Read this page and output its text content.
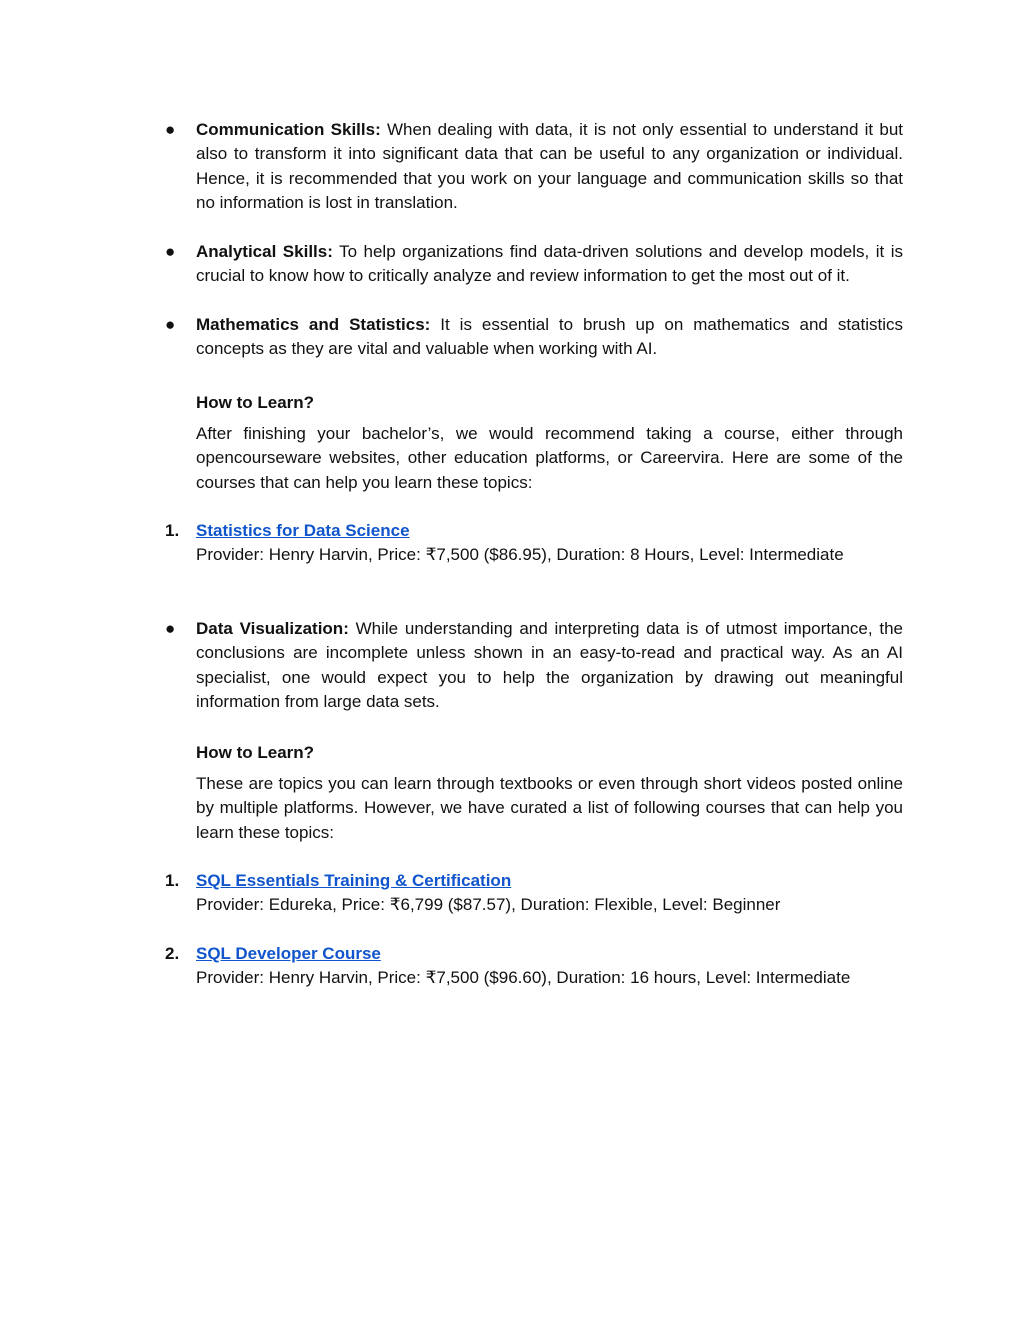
●	Communication Skills: When dealing with data, it is not only essential to understand it but also to transform it into significant data that can be useful to any organization or individual. Hence, it is recommended that you work on your language and communication skills so that no information is lost in translation.
●	Analytical Skills: To help organizations find data-driven solutions and develop models, it is crucial to know how to critically analyze and review information to get the most out of it.
●	Mathematics and Statistics: It is essential to brush up on mathematics and statistics concepts as they are vital and valuable when working with AI.
How to Learn?
After finishing your bachelor’s, we would recommend taking a course, either through opencourseware websites, other education platforms, or Careervira. Here are some of the courses that can help you learn these topics:
1. Statistics for Data Science
Provider: Henry Harvin, Price: ₹7,500 ($86.95), Duration: 8 Hours, Level: Intermediate
●	Data Visualization: While understanding and interpreting data is of utmost importance, the conclusions are incomplete unless shown in an easy-to-read and practical way. As an AI specialist, one would expect you to help the organization by drawing out meaningful information from large data sets.
How to Learn?
These are topics you can learn through textbooks or even through short videos posted online by multiple platforms. However, we have curated a list of following courses that can help you learn these topics:
1. SQL Essentials Training & Certification
Provider: Edureka, Price: ₹6,799 ($87.57), Duration: Flexible, Level: Beginner
2. SQL Developer Course
Provider: Henry Harvin, Price: ₹7,500 ($96.60), Duration: 16 hours, Level: Intermediate
